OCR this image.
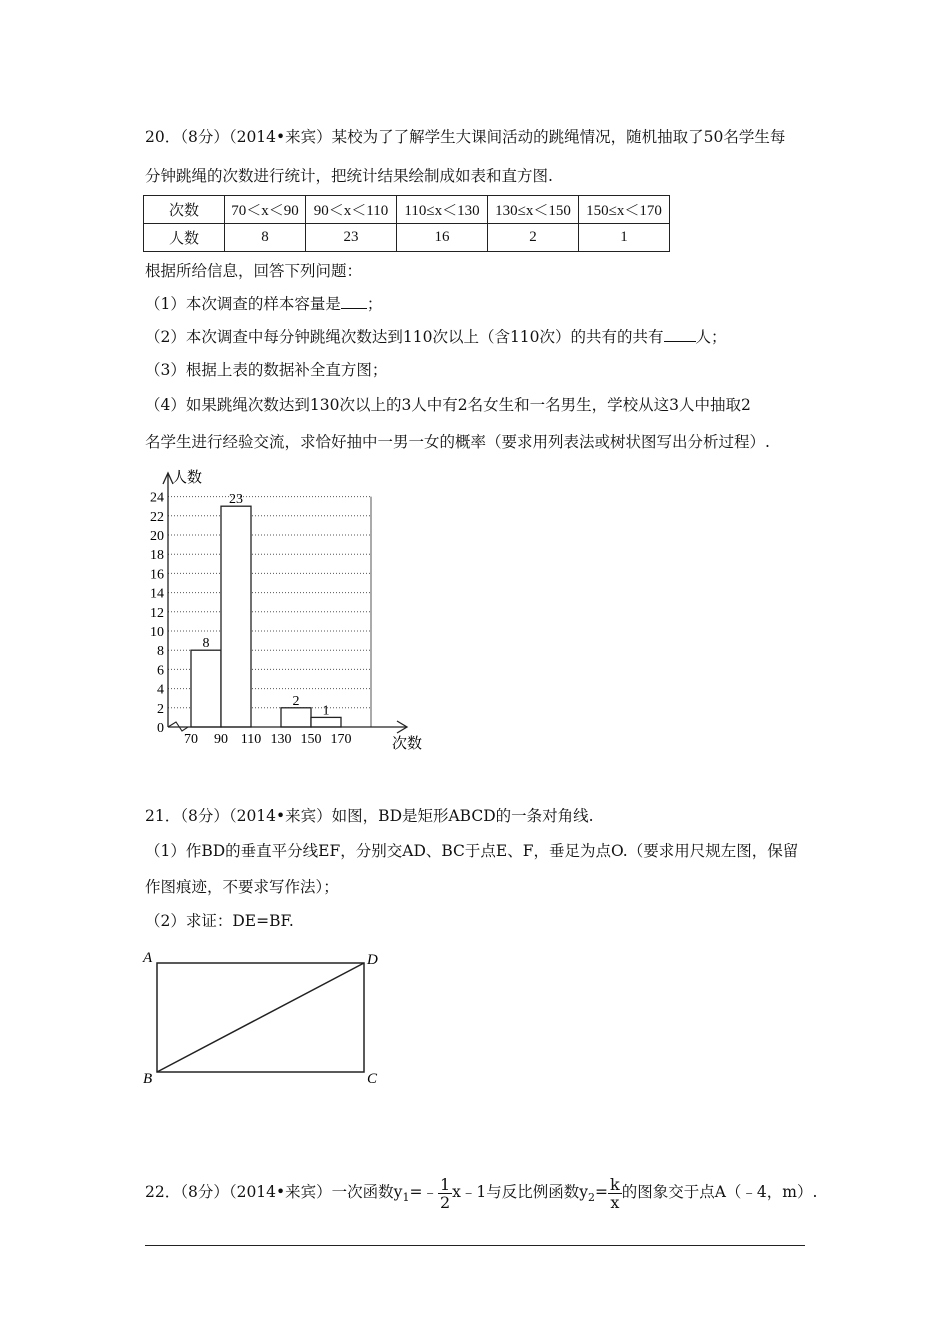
20．（8分）（2014•来宾）某校为了了解学生大课间活动的跳绳情况，随机抽取了50名学生每
分钟跳绳的次数进行统计，把统计结果绘制成如表和直方图.
次数	70＜x＜90	90＜x＜110	110≤x＜130	130≤x＜150	150≤x＜170
人数	8	23	16	2	1
根据所给信息，回答下列问题：
（1）本次调查的样本容量是 ；
（2）本次调查中每分钟跳绳次数达到110次以上（含110次）的共有的共有 人；
（3）根据上表的数据补全直方图；
（4）如果跳绳次数达到130次以上的3人中有2名女生和一名男生，学校从这3人中抽取2
名学生进行经验交流，求恰好抽中一男一女的概率（要求用列表法或树状图写出分析过程）.
8
23
2
1
0
2
4
6
8
10
12
14
16
18
20
22
24
70 90 110 130 150 170
人数
次数
21．（8分）（2014•来宾）如图，BD是矩形ABCD的一条对角线.
（1）作BD的垂直平分线EF，分别交AD、BC于点E、F，垂足为点O.（要求用尺规左图，保留
作图痕迹，不要求写作法）；
（2）求证：DE=BF.
A	D
B	C
22．（8分）（2014•来宾）一次函数$y_1=﹣ \frac{1}{2}$ x﹣1与反比例函数$y_2= \frac{k}{x}$ 的图象交于点A（﹣4，m）.
